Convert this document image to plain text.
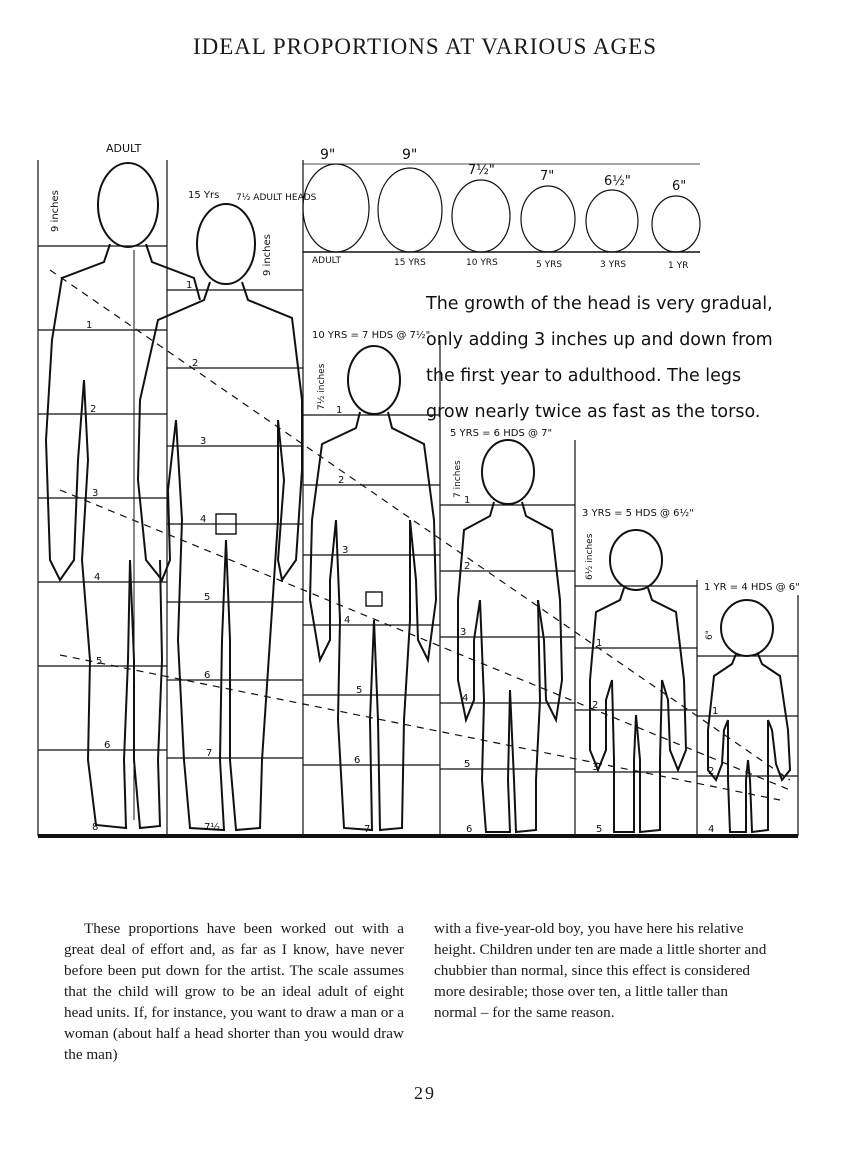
IDEAL PROPORTIONS AT VARIOUS AGES
ADULT
9 inches	15 Yrs 7½ ADULT HEADS
9 inches
9"	9"
7½"	7"	6½"	6"
ADULT	15 YRS	10 YRS	5 YRS	3 YRS	1 YR
10 YRS = 7 HDS @ 7½"
7½ inches
5 YRS = 6 HDS @ 7"
7 inches
3 YRS = 5 HDS @ 6½"
6½ inches
1 YR = 4 HDS @ 6"
6"
1
2
3
4
5
6
8
1
2
3
4
5
6
7
7½
1
2
3
4
5
6
7
1
2
3
4
5
6
1
2
3
5
1
2
4

The growth of the head is very gradual, only adding 3 inches up and down from the first year to adulthood. The legs grow nearly twice as fast as the torso.

These proportions have been worked out with a great deal of effort and, as far as I know, have never before been put down for the artist. The scale assumes that the child will grow to be an ideal adult of eight head units. If, for instance, you want to draw a man or a woman (about half a head shorter than you would draw the man)

with a five-year-old boy, you have here his relative height. Children under ten are made a little shorter and chubbier than normal, since this effect is considered more desirable; those over ten, a little taller than normal – for the same reason.

29
